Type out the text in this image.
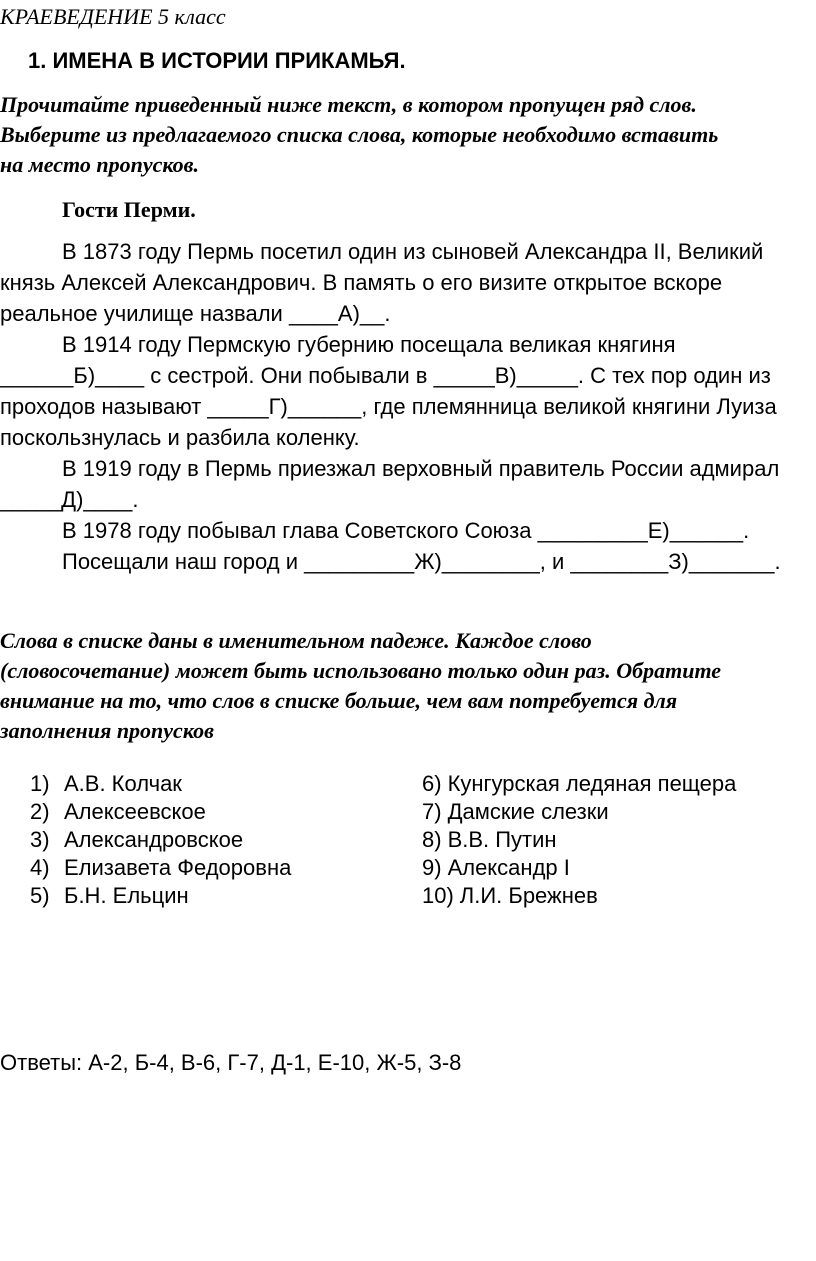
КРАЕВЕДЕНИЕ 5 класс
1. ИМЕНА В ИСТОРИИ ПРИКАМЬЯ.
Прочитайте приведенный ниже текст, в котором пропущен ряд слов.
Выберите из предлагаемого списка слова, которые необходимо вставить
на место пропусков.
Гости Перми.
В 1873 году Пермь посетил один из сыновей Александра II, Великий
князь Алексей Александрович. В память о его визите открытое вскоре
реальное училище назвали ____А)__.
В 1914 году Пермскую губернию посещала великая княгиня
______Б)____ с сестрой. Они побывали в _____В)_____. С тех пор один из
проходов называют _____Г)______, где племянница великой княгини Луиза
поскользнулась и разбила коленку.
В 1919 году в Пермь приезжал верховный правитель России адмирал
_____Д)____.
В 1978 году побывал глава Советского Союза _________Е)______.
Посещали наш город и _________Ж)________, и ________З)_______.
Слова в списке даны в именительном падеже. Каждое слово
(словосочетание) может быть использовано только один раз. Обратите
внимание на то, что слов в списке больше, чем вам потребуется для
заполнения пропусков
1) А.В. Колчак
2) Алексеевское
3) Александровское
4) Елизавета Федоровна
5) Б.Н. Ельцин
6) Кунгурская ледяная пещера
7) Дамские слезки
8) В.В. Путин
9) Александр I
10) Л.И. Брежнев
Ответы: А-2, Б-4, В-6, Г-7, Д-1, Е-10, Ж-5, З-8
